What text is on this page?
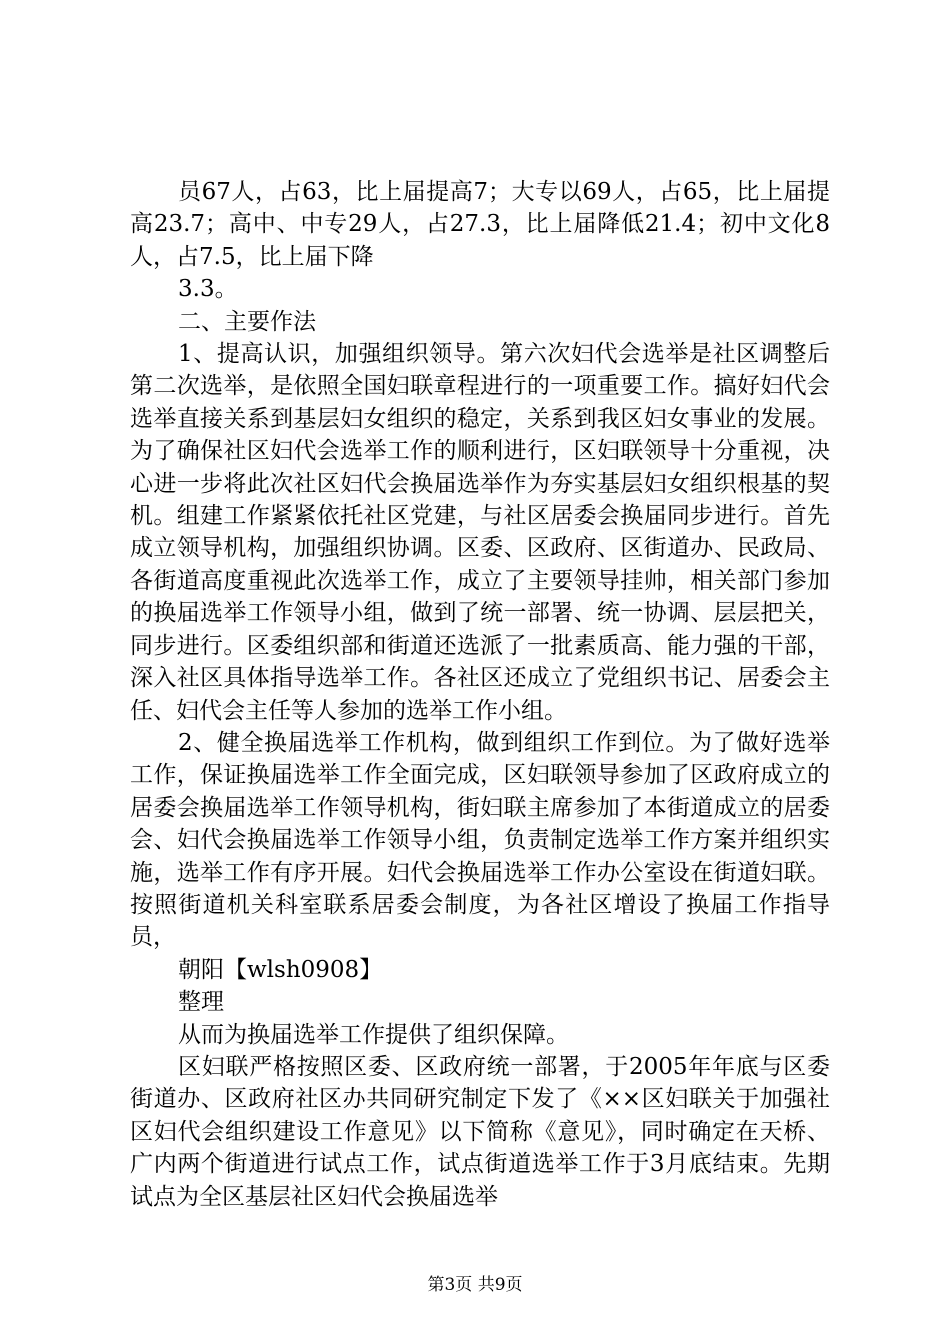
员67人，占63，比上届提高7；大专以69人，占65，比上届提高23.7；高中、中专29人，占27.3，比上届降低21.4；初中文化8人，占7.5，比上届下降

3.3。

二、主要作法

1、提高认识，加强组织领导。第六次妇代会选举是社区调整后第二次选举，是依照全国妇联章程进行的一项重要工作。搞好妇代会选举直接关系到基层妇女组织的稳定，关系到我区妇女事业的发展。为了确保社区妇代会选举工作的顺利进行，区妇联领导十分重视，决心进一步将此次社区妇代会换届选举作为夯实基层妇女组织根基的契机。组建工作紧紧依托社区党建，与社区居委会换届同步进行。首先成立领导机构，加强组织协调。区委、区政府、区街道办、民政局、各街道高度重视此次选举工作，成立了主要领导挂帅，相关部门参加的换届选举工作领导小组，做到了统一部署、统一协调、层层把关，同步进行。区委组织部和街道还选派了一批素质高、能力强的干部，深入社区具体指导选举工作。各社区还成立了党组织书记、居委会主任、妇代会主任等人参加的选举工作小组。

2、健全换届选举工作机构，做到组织工作到位。为了做好选举工作，保证换届选举工作全面完成，区妇联领导参加了区政府成立的居委会换届选举工作领导机构，街妇联主席参加了本街道成立的居委会、妇代会换届选举工作领导小组，负责制定选举工作方案并组织实施，选举工作有序开展。妇代会换届选举工作办公室设在街道妇联。按照街道机关科室联系居委会制度，为各社区增设了换届工作指导员，

朝阳【wlsh0908】

整理

从而为换届选举工作提供了组织保障。

区妇联严格按照区委、区政府统一部署，于2005年年底与区委街道办、区政府社区办共同研究制定下发了《××区妇联关于加强社区妇代会组织建设工作意见》以下简称《意见》，同时确定在天桥、广内两个街道进行试点工作，试点街道选举工作于3月底结束。先期试点为全区基层社区妇代会换届选举

第3页 共9页
